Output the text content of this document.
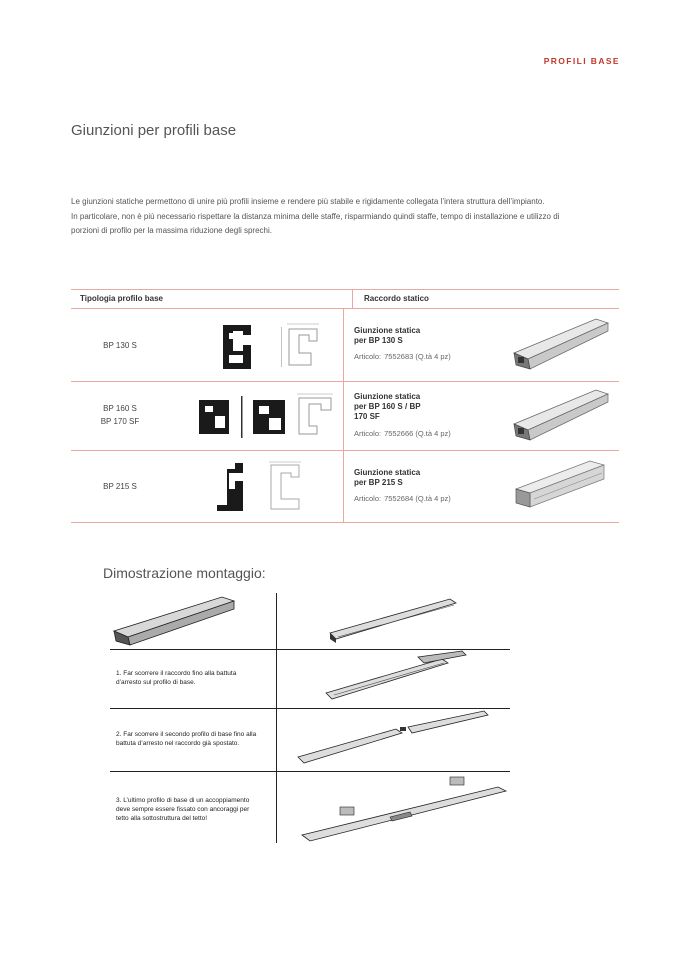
PROFILI BASE
Giunzioni per profili base

Le giunzioni statiche permettono di unire più profili insieme e rendere più stabile e rigidamente collegata l’intera struttura dell’impianto.

In particolare, non è più necessario rispettare la distanza minima delle staffe, risparmiando quindi staffe, tempo di installazione e utilizzo di

porzioni di profilo per la massima riduzione degli sprechi.

Tipologia profilo base	Raccordo statico
BP 130 S
Giunzione statica
per BP 130 S
Articolo: 7552683 (Q.tà 4 pz)
BP 160 S
BP 170 SF
Giunzione statica
per BP 160 S / BP
170 SF
Articolo: 7552666 (Q.tà 4 pz)
BP 215 S
Giunzione statica
per BP 215 S
Articolo: 7552684 (Q.tà 4 pz)
Dimostrazione montaggio:
1. Far scorrere il raccordo fino alla battuta
d’arresto sul profilo di base.
2. Far scorrere il secondo profilo di base fino alla
battuta d’arresto nel raccordo già spostato.
3. L’ultimo profilo di base di un accoppiamento
deve sempre essere fissato con ancoraggi per
tetto alla sottostruttura del tetto!
